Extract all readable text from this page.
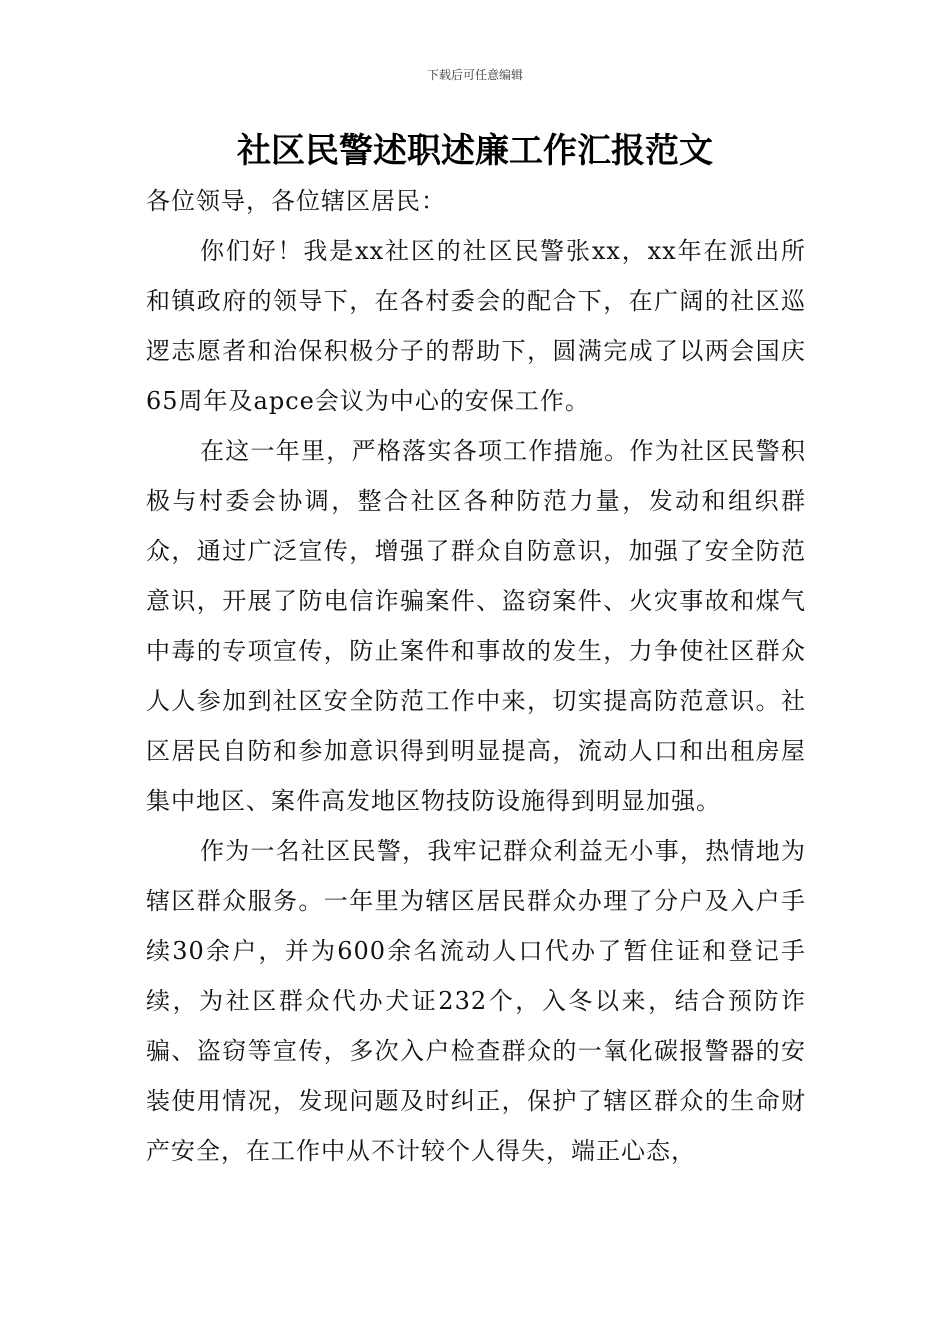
下载后可任意编辑
社区民警述职述廉工作汇报范文

各位领导，各位辖区居民：

你们好！我是xx社区的社区民警张xx，xx年在派出所和镇政府的领导下，在各村委会的配合下，在广阔的社区巡逻志愿者和治保积极分子的帮助下，圆满完成了以两会国庆65周年及apce会议为中心的安保工作。

在这一年里，严格落实各项工作措施。作为社区民警积极与村委会协调，整合社区各种防范力量，发动和组织群众，通过广泛宣传，增强了群众自防意识，加强了安全防范意识，开展了防电信诈骗案件、盗窃案件、火灾事故和煤气中毒的专项宣传，防止案件和事故的发生，力争使社区群众人人参加到社区安全防范工作中来，切实提高防范意识。社区居民自防和参加意识得到明显提高，流动人口和出租房屋集中地区、案件高发地区物技防设施得到明显加强。

作为一名社区民警，我牢记群众利益无小事，热情地为辖区群众服务。一年里为辖区居民群众办理了分户及入户手续30余户，并为600余名流动人口代办了暂住证和登记手续，为社区群众代办犬证232个，入冬以来，结合预防诈骗、盗窃等宣传，多次入户检查群众的一氧化碳报警器的安装使用情况，发现问题及时纠正，保护了辖区群众的生命财产安全，在工作中从不计较个人得失，端正心态，
